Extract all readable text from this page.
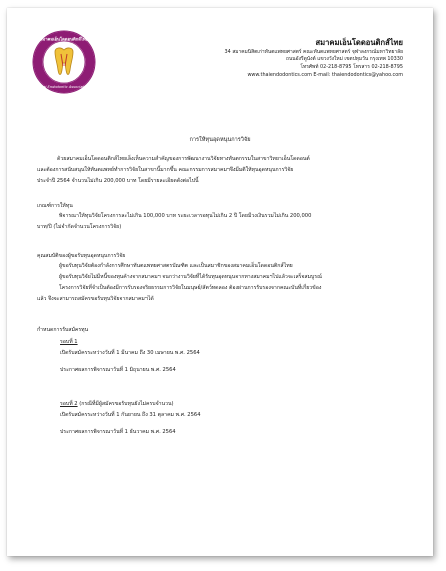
สมาคมเอ็นโดดอนติกส์ไทย
Thai Endodontic Association
สมาคมเอ็นโดดอนติกส์ไทย
34 สมาคมนิสิตเก่าทันตแพทยศาสตร์ คณะทันตแพทยศาสตร์ จุฬาลงกรณ์มหาวิทยาลัย
ถนนอังรีดูนังต์ แขวงวังใหม่ เขตปทุมวัน กรุงเทพ 10330
โทรศัพท์ 02-218-8795 โทรสาร 02-218-8795
www.thaiendodontics.com E-mail: thaiendodontics@yahoo.com
การให้ทุนอุดหนุนการวิจัย
ด้วยสมาคมเอ็นโดดอนติกส์ไทยเล็งเห็นความสำคัญของการพัฒนางานวิจัยทางทันตกรรมในสาขาวิทยาเอ็นโดดอนต์
และต้องการสนับสนุนให้ทันตแพทย์ทำการวิจัยในสาขานี้มากขึ้น คณะกรรมการสมาคมฯจึงมีมติให้ทุนอุดหนุนการวิจัย
ประจำปี 2564 จำนวนไม่เกิน 200,000 บาท โดยมีรายละเอียดดังต่อไปนี้
เกณฑ์การให้ทุน
พิจารณาให้ทุนวิจัยโครงการละไม่เกิน 100,000 บาท ระยะเวลารอทุนไม่เกิน 2 ปี โดยมีวงเงินรวมไม่เกิน 200,000
บาท/ปี (ไม่จำกัดจำนวนโครงการวิจัย)
คุณสมบัติของผู้ขอรับทุนอุดหนุนการวิจัย
ผู้ขอรับทุนวิจัยต้องกำลังการศึกษาทันตแพทยศาสตรบัณฑิต และเป็นสมาชิกของสมาคมเอ็นโดดอนติกส์ไทย
ผู้ขอรับทุนวิจัยไม่มีหนี้ของทุนค้างจากสมาคมฯ จนกว่างานวิจัยที่ได้รับทุนอุดหนุนจากทางสมาคมฯไปแล้วจะเสร็จสมบูรณ์
โครงการวิจัยที่จำเป็นต้องมีการรับรองจริยธรรมการวิจัยในมนุษย์/สัตว์ทดลอง ต้องผ่านการรับรองจากคณะบันที่เกี่ยวข้อง
แล้ว จึงจะสามารถสมัครขอรับทุนวิจัยจากสมาคมฯได้
กำหนดการรับสมัครทุน
รอบที่ 1
เปิดรับสมัครระหว่างวันที่ 1 มีนาคม ถึง 30 เมษายน พ.ศ. 2564
ประกาศผลการพิจารณาวันที่ 1 มิถุนายน พ.ศ. 2564
รอบที่ 2 (กรณีที่มีผู้สมัครขอรับทุนยังไม่ครบจำนวน)
เปิดรับสมัครระหว่างวันที่ 1 กันยายน ถึง 31 ตุลาคม พ.ศ. 2564
ประกาศผลการพิจารณาวันที่ 1 ธันวาคม พ.ศ. 2564
